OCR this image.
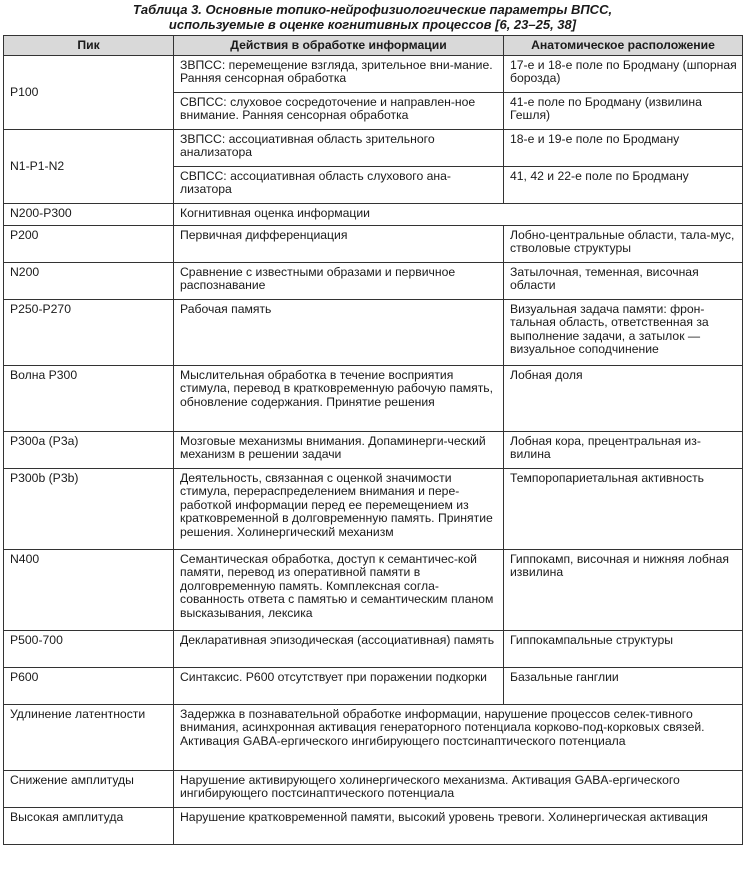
Таблица 3. Основные топико-нейрофизиологические параметры ВПСС,
используемые в оценке когнитивных процессов [6, 23–25, 38]
Пик	Действия в обработке информации	Анатомическое расположение
P100	ЗВПСС: перемещение взгляда, зрительное вни-мание. Ранняя сенсорная обработка	17-е и 18-е поле по Бродману (шпорная борозда)
	СВПСС: слуховое сосредоточение и направлен-ное внимание. Ранняя сенсорная обработка	41-е поле по Бродману (извилина Гешля)
N1-P1-N2	ЗВПСС: ассоциативная область зрительного анализатора	18-е и 19-е поле по Бродману
	СВПСС: ассоциативная область слухового ана-лизатора	41, 42 и 22-е поле по Бродману
N200-P300	Когнитивная оценка информации	
P200	Первичная дифференциация	Лобно-центральные области, тала-мус, стволовые структуры
N200	Сравнение с известными образами и первичное распознавание	Затылочная, теменная, височная области
P250-P270	Рабочая память	Визуальная задача памяти: фрон-тальная область, ответственная за выполнение задачи, а затылок — визуальное соподчинение
Волна P300	Мыслительная обработка в течение восприятия стимула, перевод в кратковременную рабочую память, обновление содержания. Принятие решения	Лобная доля
P300a (P3a)	Мозговые механизмы внимания. Допаминерги-ческий механизм в решении задачи	Лобная кора, прецентральная из-вилина
P300b (P3b)	Деятельность, связанная с оценкой значимости стимула, перераспределением внимания и пере-работкой информации перед ее перемещением из кратковременной в долговременную память. Принятие решения. Холинергический механизм	Темпоропариетальная активность
N400	Семантическая обработка, доступ к семантичес-кой памяти, перевод из оперативной памяти в долговременную память. Комплексная согла-сованность ответа с памятью и семантическим планом высказывания, лексика	Гиппокамп, височная и нижняя лобная извилина
P500-700	Декларативная эпизодическая (ассоциативная) память	Гиппокампальные структуры
P600	Синтаксис. P600 отсутствует при поражении подкорки	Базальные ганглии
Удлинение латентности	Задержка в познавательной обработке информации, нарушение процессов селек-тивного внимания, асинхронная активация генераторного потенциала корково-под-корковых связей. Активация GABA-ергического ингибирующего постсинаптического потенциала	
Снижение амплитуды	Нарушение активирующего холинергического механизма. Активация GABA-ергического ингибирующего постсинаптического потенциала	
Высокая амплитуда	Нарушение кратковременной памяти, высокий уровень тревоги. Холинергическая активация	
